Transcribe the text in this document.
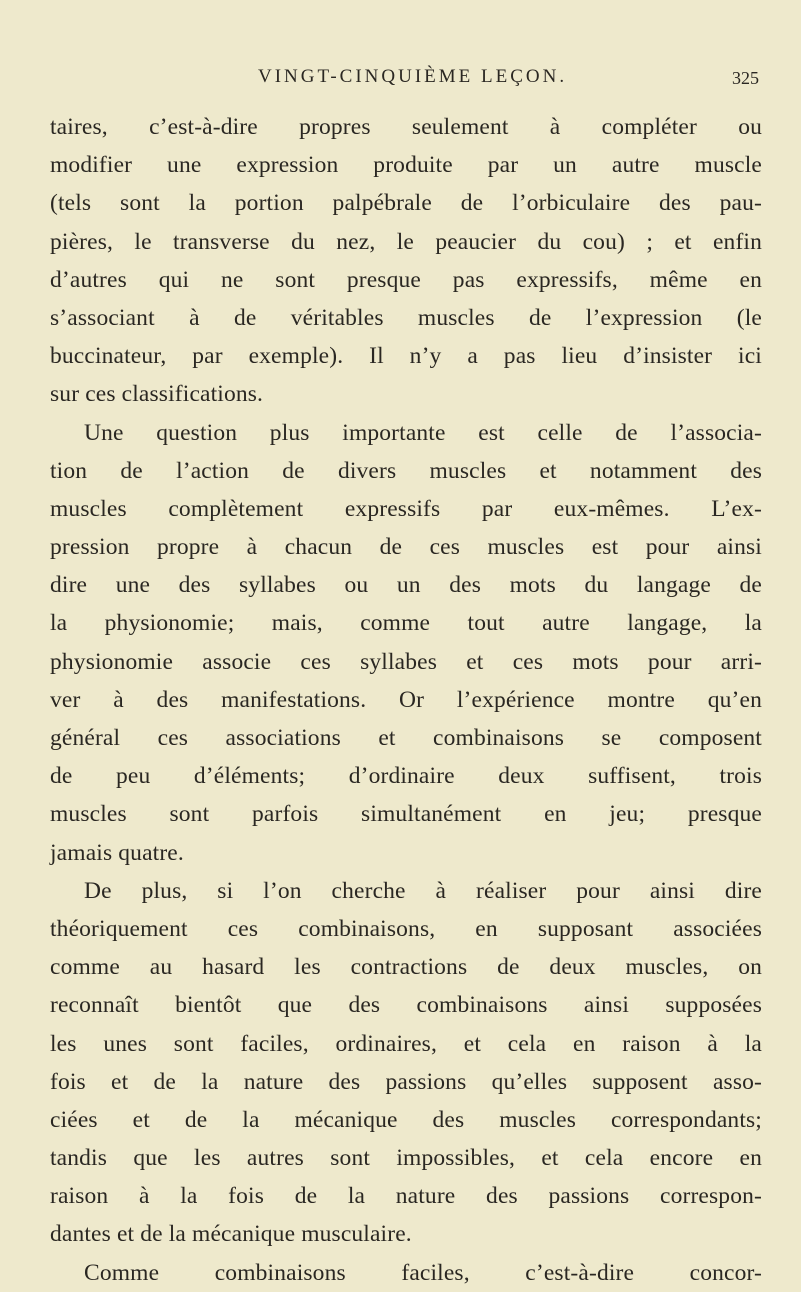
VINGT-CINQUIÈME LEÇON.	325
taires, c’est-à-dire propres seulement à compléter ou
modifier une expression produite par un autre muscle
(tels sont la portion palpébrale de l’orbiculaire des pau-
pières, le transverse du nez, le peaucier du cou) ; et enfin
d’autres qui ne sont presque pas expressifs, même en
s’associant à de véritables muscles de l’expression (le
buccinateur, par exemple). Il n’y a pas lieu d’insister ici
sur ces classifications.
Une question plus importante est celle de l’associa-
tion de l’action de divers muscles et notamment des
muscles complètement expressifs par eux-mêmes. L’ex-
pression propre à chacun de ces muscles est pour ainsi
dire une des syllabes ou un des mots du langage de
la physionomie; mais, comme tout autre langage, la
physionomie associe ces syllabes et ces mots pour arri-
ver à des manifestations. Or l’expérience montre qu’en
général ces associations et combinaisons se composent
de peu d’éléments; d’ordinaire deux suffisent, trois
muscles sont parfois simultanément en jeu; presque
jamais quatre.
De plus, si l’on cherche à réaliser pour ainsi dire
théoriquement ces combinaisons, en supposant associées
comme au hasard les contractions de deux muscles, on
reconnaît bientôt que des combinaisons ainsi supposées
les unes sont faciles, ordinaires, et cela en raison à la
fois et de la nature des passions qu’elles supposent asso-
ciées et de la mécanique des muscles correspondants;
tandis que les autres sont impossibles, et cela encore en
raison à la fois de la nature des passions correspon-
dantes et de la mécanique musculaire.
Comme combinaisons faciles, c’est-à-dire concor-
